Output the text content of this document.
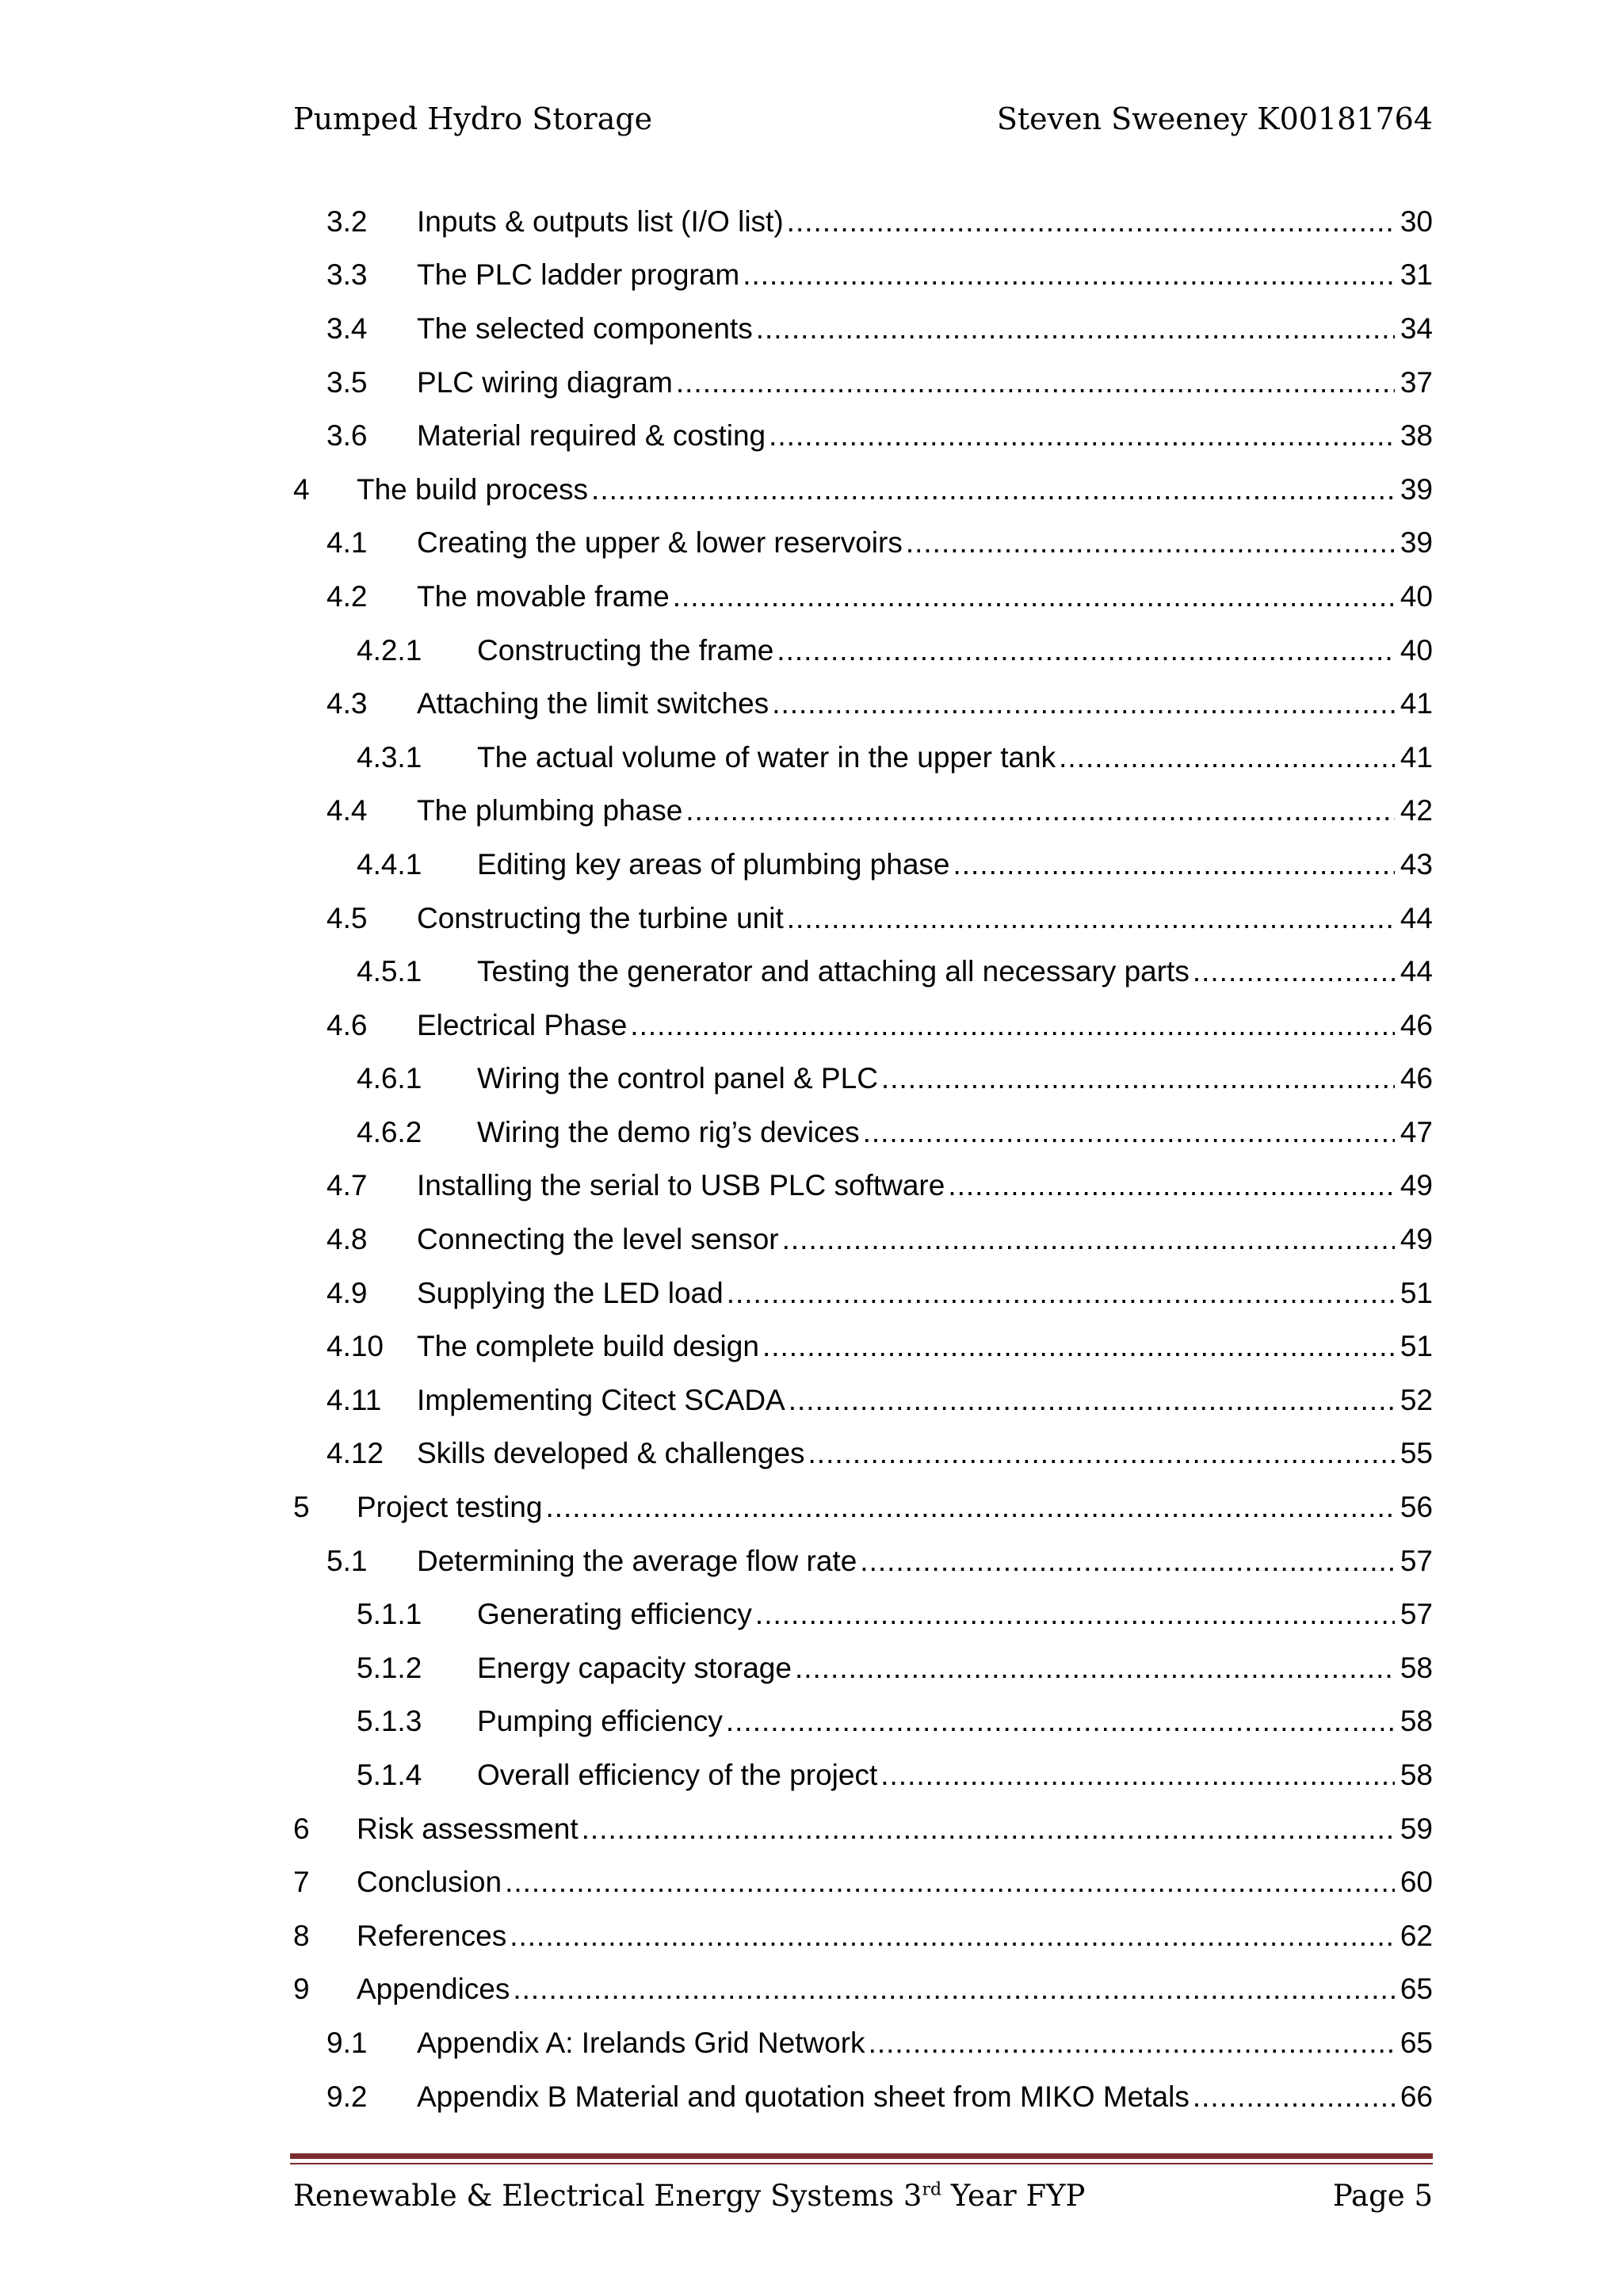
Pumped Hydro Storage	Steven Sweeney K00181764
3.2	Inputs & outputs list (I/O list) .....	30
3.3	The PLC ladder program .....	31
3.4	The selected components .....	34
3.5	PLC wiring diagram .....	37
3.6	Material required & costing .....	38
4	The build process .....	39
4.1	Creating the upper & lower reservoirs .....	39
4.2	The movable frame .....	40
4.2.1	Constructing the frame .....	40
4.3	Attaching the limit switches .....	41
4.3.1	The actual volume of water in the upper tank .....	41
4.4	The plumbing phase .....	42
4.4.1	Editing key areas of plumbing phase .....	43
4.5	Constructing the turbine unit .....	44
4.5.1	Testing the generator and attaching all necessary parts .....	44
4.6	Electrical Phase .....	46
4.6.1	Wiring the control panel & PLC .....	46
4.6.2	Wiring the demo rig’s devices .....	47
4.7	Installing the serial to USB PLC software .....	49
4.8	Connecting the level sensor .....	49
4.9	Supplying the LED load .....	51
4.10	The complete build design .....	51
4.11	Implementing Citect SCADA .....	52
4.12	Skills developed & challenges .....	55
5	Project testing .....	56
5.1	Determining the average flow rate .....	57
5.1.1	Generating efficiency .....	57
5.1.2	Energy capacity storage .....	58
5.1.3	Pumping efficiency .....	58
5.1.4	Overall efficiency of the project .....	58
6	Risk assessment .....	59
7	Conclusion .....	60
8	References .....	62
9	Appendices .....	65
9.1	Appendix A: Irelands Grid Network .....	65
9.2	Appendix B Material and quotation sheet from MIKO Metals .....	66
Renewable & Electrical Energy Systems 3rd Year FYP	Page 5
